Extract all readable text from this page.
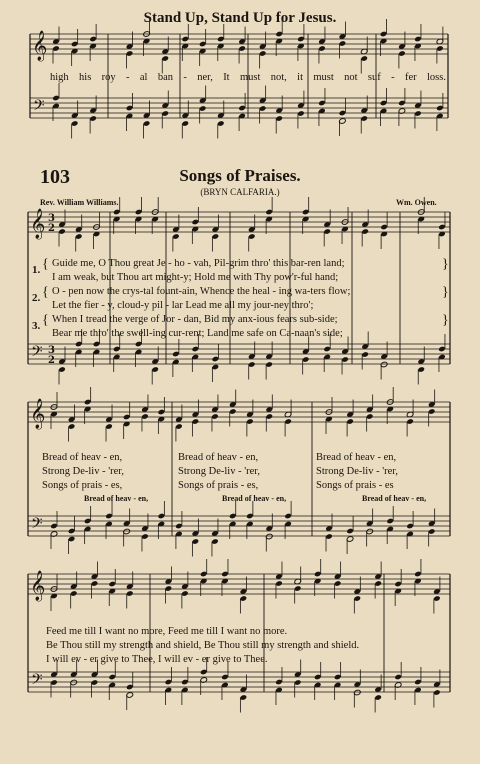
Stand Up, Stand Up for Jesus.
103	Songs of Praises.
(BRYN CALFARIA.)
Rev. William Williams.	Wm. Owen.
high his roy - al ban - ner, It must not, it must not suf - fer loss.
{	}
{	}
{	}
1.
2.
3.
Guide me, O Thou great Je - ho - vah, Pil-grim thro' this bar-ren land;
I am weak, but Thou art might-y; Hold me with Thy pow'r-ful hand;
O - pen now the crys-tal fount-ain, Whence the heal - ing wa-ters flow;
Let the fier - y, cloud-y pil - lar Lead me all my jour-ney thro';
When I tread the verge of Jor - dan, Bid my anx-ious fears sub-side;
Bear me thro' the swell-ing cur-rent; Land me safe on Ca-naan's side;
Bread of heav - en,	Bread of heav - en,	Bread of heav - en,
Strong De-liv - 'rer,	Strong De-liv - 'rer,	Strong De-liv - 'rer,
Songs of prais - es,	Songs of prais - es,	Songs of prais - es
Bread of heav - en,	Bread of heav - en,	Bread of heav - en,
Feed me till I want no more, Feed me till I want no more.
Be Thou still my strength and shield, Be Thou still my strength and shield.
I will ev - er give to Thee, I will ev - er give to Thee.
𝄞
𝄢
𝄞
𝄢
3
2
3
2
𝄞
𝄢
𝄞
𝄢
